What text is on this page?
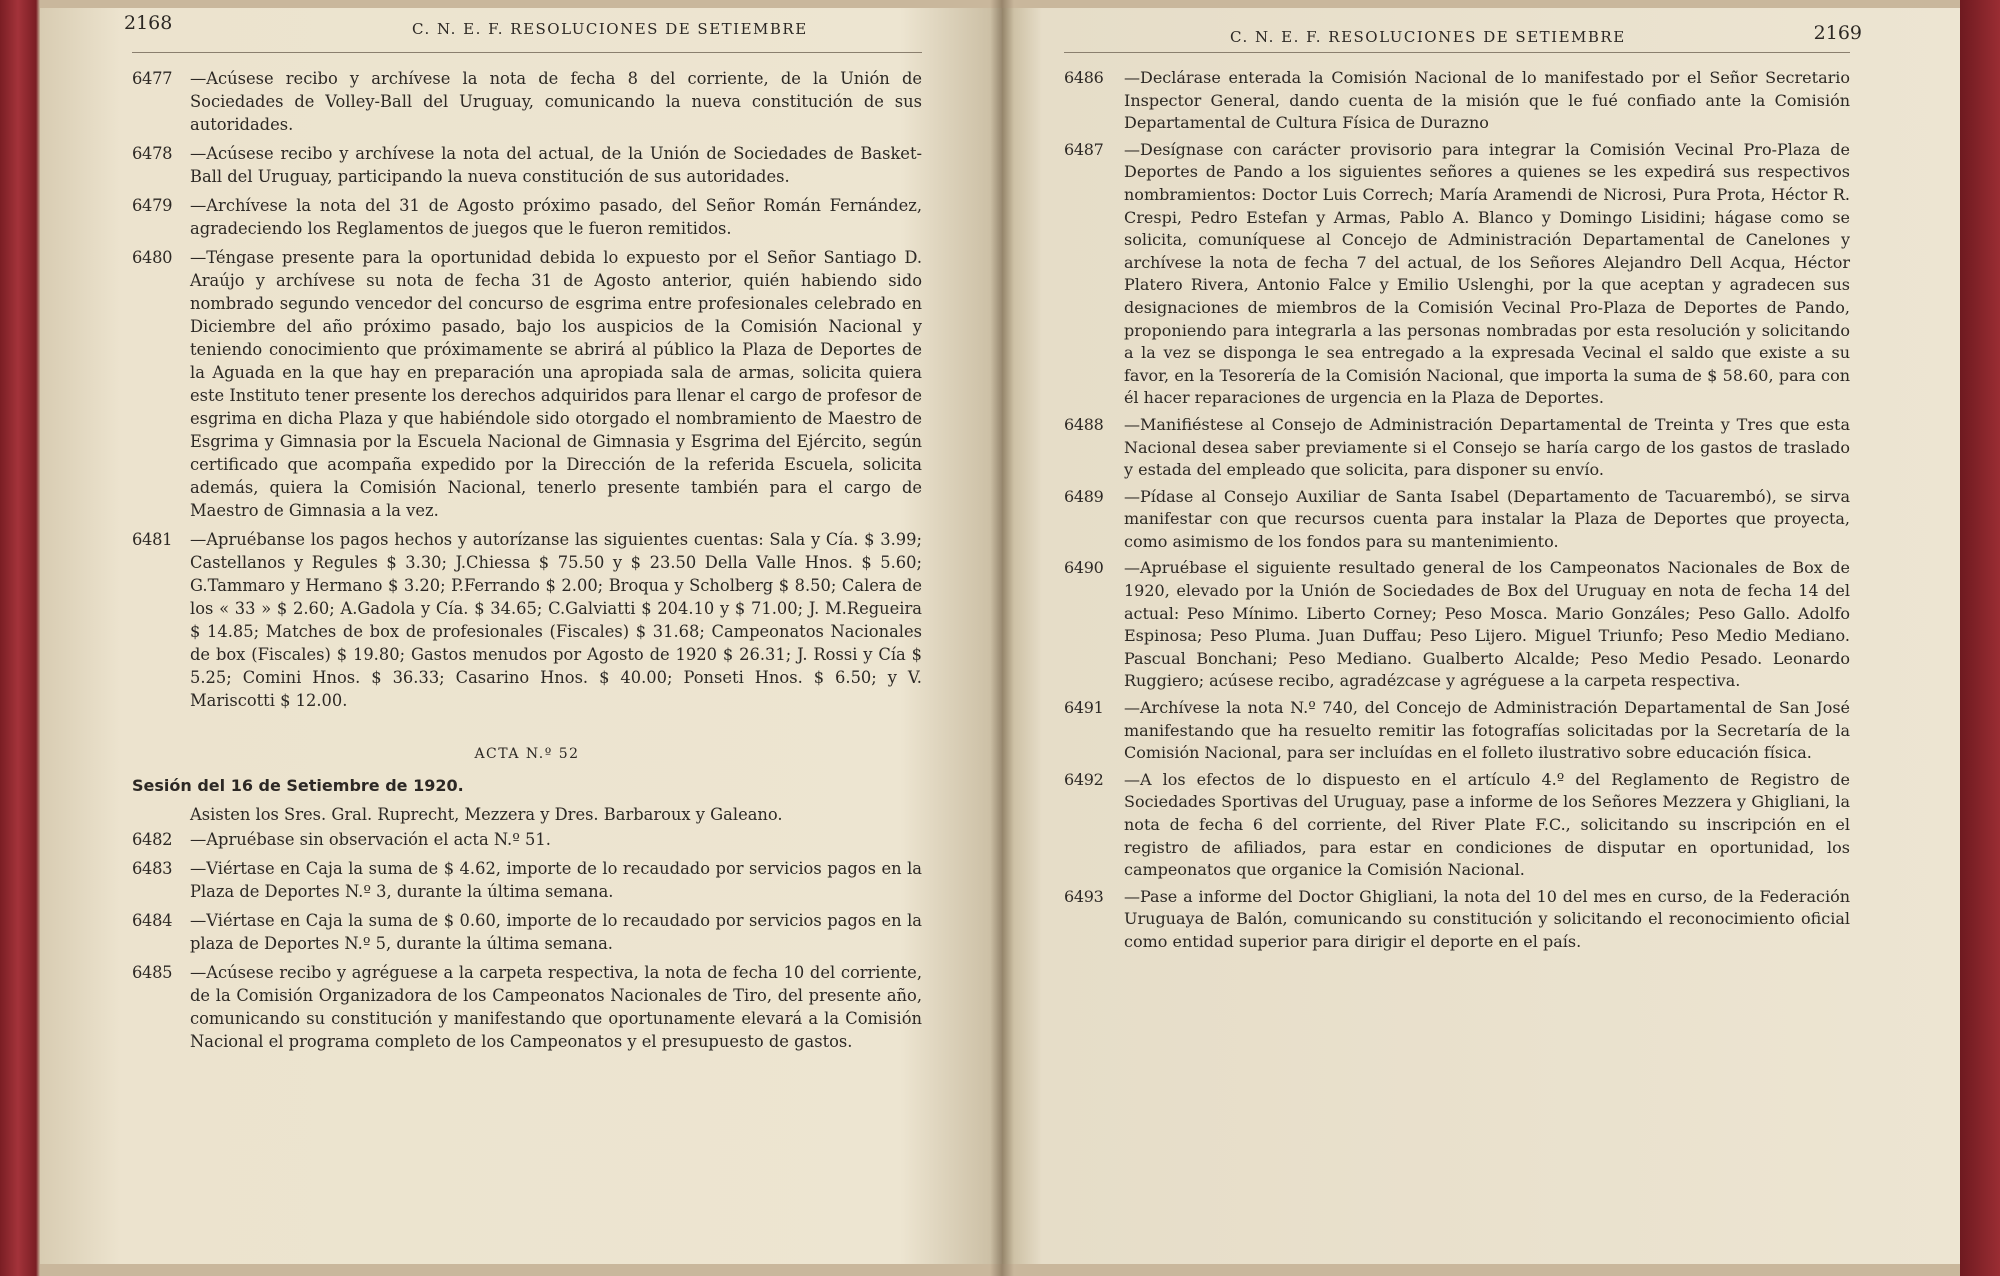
2168	C. N. E. F. RESOLUCIONES DE SETIEMBRE

6477 —Acúsese recibo y archívese la nota de fecha 8 del corriente, de la Unión de Sociedades de Volley-Ball del Uruguay, comunicando la nueva constitución de sus autoridades.

6478 —Acúsese recibo y archívese la nota del actual, de la Unión de Sociedades de Basket-Ball del Uruguay, participando la nueva constitución de sus autoridades.

6479 —Archívese la nota del 31 de Agosto próximo pasado, del Señor Román Fernández, agradeciendo los Reglamentos de juegos que le fueron remitidos.

6480 —Téngase presente para la oportunidad debida lo expuesto por el Señor Santiago D. Araújo y archívese su nota de fecha 31 de Agosto anterior, quién habiendo sido nombrado segundo vencedor del concurso de esgrima entre profesionales celebrado en Diciembre del año próximo pasado, bajo los auspicios de la Comisión Nacional y teniendo conocimiento que próximamente se abrirá al público la Plaza de Deportes de la Aguada en la que hay en preparación una apropiada sala de armas, solicita quiera este Instituto tener presente los derechos adquiridos para llenar el cargo de profesor de esgrima en dicha Plaza y que habiéndole sido otorgado el nombramiento de Maestro de Esgrima y Gimnasia por la Escuela Nacional de Gimnasia y Esgrima del Ejército, según certificado que acompaña expedido por la Dirección de la referida Escuela, solicita además, quiera la Comisión Nacional, tenerlo presente también para el cargo de Maestro de Gimnasia a la vez.

6481 —Apruébanse los pagos hechos y autorízanse las siguientes cuentas: Sala y Cía. $ 3.99; Castellanos y Regules $ 3.30; J.Chiessa $ 75.50 y $ 23.50 Della Valle Hnos. $ 5.60; G.Tammaro y Hermano $ 3.20; P.Ferrando $ 2.00; Broqua y Scholberg $ 8.50; Calera de los « 33 » $ 2.60; A.Gadola y Cía. $ 34.65; C.Galviatti $ 204.10 y $ 71.00; J. M.Regueira $ 14.85; Matches de box de profesionales (Fiscales) $ 31.68; Campeonatos Nacionales de box (Fiscales) $ 19.80; Gastos menudos por Agosto de 1920 $ 26.31; J. Rossi y Cía $ 5.25; Comini Hnos. $ 36.33; Casarino Hnos. $ 40.00; Ponseti Hnos. $ 6.50; y V. Mariscotti $ 12.00.

ACTA N.º 52
Sesión del 16 de Setiembre de 1920.

Asisten los Sres. Gral. Ruprecht, Mezzera y Dres. Barbaroux y Galeano.

6482 —Apruébase sin observación el acta N.º 51.

6483 —Viértase en Caja la suma de $ 4.62, importe de lo recaudado por servicios pagos en la Plaza de Deportes N.º 3, durante la última semana.

6484 —Viértase en Caja la suma de $ 0.60, importe de lo recaudado por servicios pagos en la plaza de Deportes N.º 5, durante la última semana.

6485 —Acúsese recibo y agréguese a la carpeta respectiva, la nota de fecha 10 del corriente, de la Comisión Organizadora de los Campeonatos Nacionales de Tiro, del presente año, comunicando su constitución y manifestando que oportunamente elevará a la Comisión Nacional el programa completo de los Campeonatos y el presupuesto de gastos.

C. N. E. F. RESOLUCIONES DE SETIEMBRE	2169

6486 —Declárase enterada la Comisión Nacional de lo manifestado por el Señor Secretario Inspector General, dando cuenta de la misión que le fué confiado ante la Comisión Departamental de Cultura Física de Durazno

6487 —Desígnase con carácter provisorio para integrar la Comisión Vecinal Pro-Plaza de Deportes de Pando a los siguientes señores a quienes se les expedirá sus respectivos nombramientos: Doctor Luis Correch; María Aramendi de Nicrosi, Pura Prota, Héctor R. Crespi, Pedro Estefan y Armas, Pablo A. Blanco y Domingo Lisidini; hágase como se solicita, comuníquese al Concejo de Administración Departamental de Canelones y archívese la nota de fecha 7 del actual, de los Señores Alejandro Dell Acqua, Héctor Platero Rivera, Antonio Falce y Emilio Uslenghi, por la que aceptan y agradecen sus designaciones de miembros de la Comisión Vecinal Pro-Plaza de Deportes de Pando, proponiendo para integrarla a las personas nombradas por esta resolución y solicitando a la vez se disponga le sea entregado a la expresada Vecinal el saldo que existe a su favor, en la Tesorería de la Comisión Nacional, que importa la suma de $ 58.60, para con él hacer reparaciones de urgencia en la Plaza de Deportes.

6488 —Manifiéstese al Consejo de Administración Departamental de Treinta y Tres que esta Nacional desea saber previamente si el Consejo se haría cargo de los gastos de traslado y estada del empleado que solicita, para disponer su envío.

6489 —Pídase al Consejo Auxiliar de Santa Isabel (Departamento de Tacuarembó), se sirva manifestar con que recursos cuenta para instalar la Plaza de Deportes que proyecta, como asimismo de los fondos para su mantenimiento.

6490 —Apruébase el siguiente resultado general de los Campeonatos Nacionales de Box de 1920, elevado por la Unión de Sociedades de Box del Uruguay en nota de fecha 14 del actual: Peso Mínimo. Liberto Corney; Peso Mosca. Mario Gonzáles; Peso Gallo. Adolfo Espinosa; Peso Pluma. Juan Duffau; Peso Lijero. Miguel Triunfo; Peso Medio Mediano. Pascual Bonchani; Peso Mediano. Gualberto Alcalde; Peso Medio Pesado. Leonardo Ruggiero; acúsese recibo, agradézcase y agréguese a la carpeta respectiva.

6491 —Archívese la nota N.º 740, del Concejo de Administración Departamental de San José manifestando que ha resuelto remitir las fotografías solicitadas por la Secretaría de la Comisión Nacional, para ser incluídas en el folleto ilustrativo sobre educación física.

6492 —A los efectos de lo dispuesto en el artículo 4.º del Reglamento de Registro de Sociedades Sportivas del Uruguay, pase a informe de los Señores Mezzera y Ghigliani, la nota de fecha 6 del corriente, del River Plate F.C., solicitando su inscripción en el registro de afiliados, para estar en condiciones de disputar en oportunidad, los campeonatos que organice la Comisión Nacional.

6493 —Pase a informe del Doctor Ghigliani, la nota del 10 del mes en curso, de la Federación Uruguaya de Balón, comunicando su constitución y solicitando el reconocimiento oficial como entidad superior para dirigir el deporte en el país.
